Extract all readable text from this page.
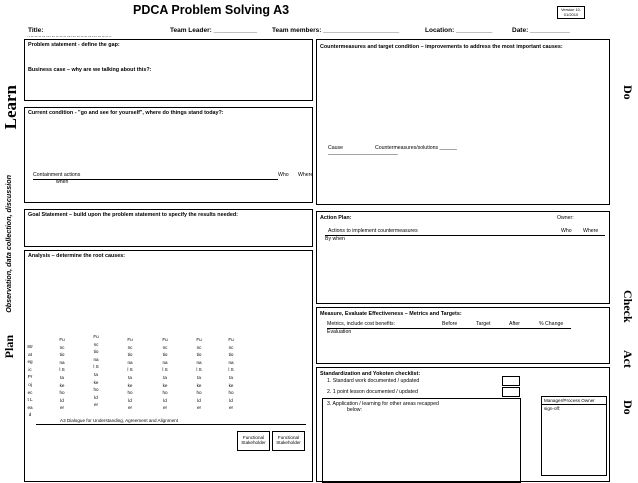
PDCA Problem Solving A3	Version 10.
01/2010
Title:	Team Leader: ____________ Team members: _____________________	Location: __________	Date: ___________
Learn
Observation, data collection, discussion
Plan
Do
Check
Act
Do
……………………………………………………
Problem statement - define the gap:
Business case – why are we talking about this?:
Current condition - "go and see for yourself", where do things stand today?:
Containment actions	Who Where
when
Goal Statement – build upon the problem statement to specify the results needed:
Analysis – determine the root causes:
Strategic Project Lead
Functional Stakeholder
Functional Stakeholder
Functional Stakeholder
Functional Stakeholder
Functional Stakeholder
Functional Stakeholder
A3 Dialogue for Understanding, Agreement and Alignment
Functional Stakeholder
Functional Stakeholder
Countermeasures and target condition – improvements to address the most important causes:
Cause	Countermeasures/solutions ______
____________________________
Action Plan:	Owner:
Actions to implement countermeasures	Who Where
By when
Measure, Evaluate Effectiveness – Metrics and Targets:
Metrics, include cost benefits:	Before	Target	After	% Change
Evaluation
Standardization and Yokoten checklist:
1. Standard work documented / updated
2. 1 point lesson documented / updated
3. Application / learning for other areas recapped
below:
Manager/Process Owner sign-off:
